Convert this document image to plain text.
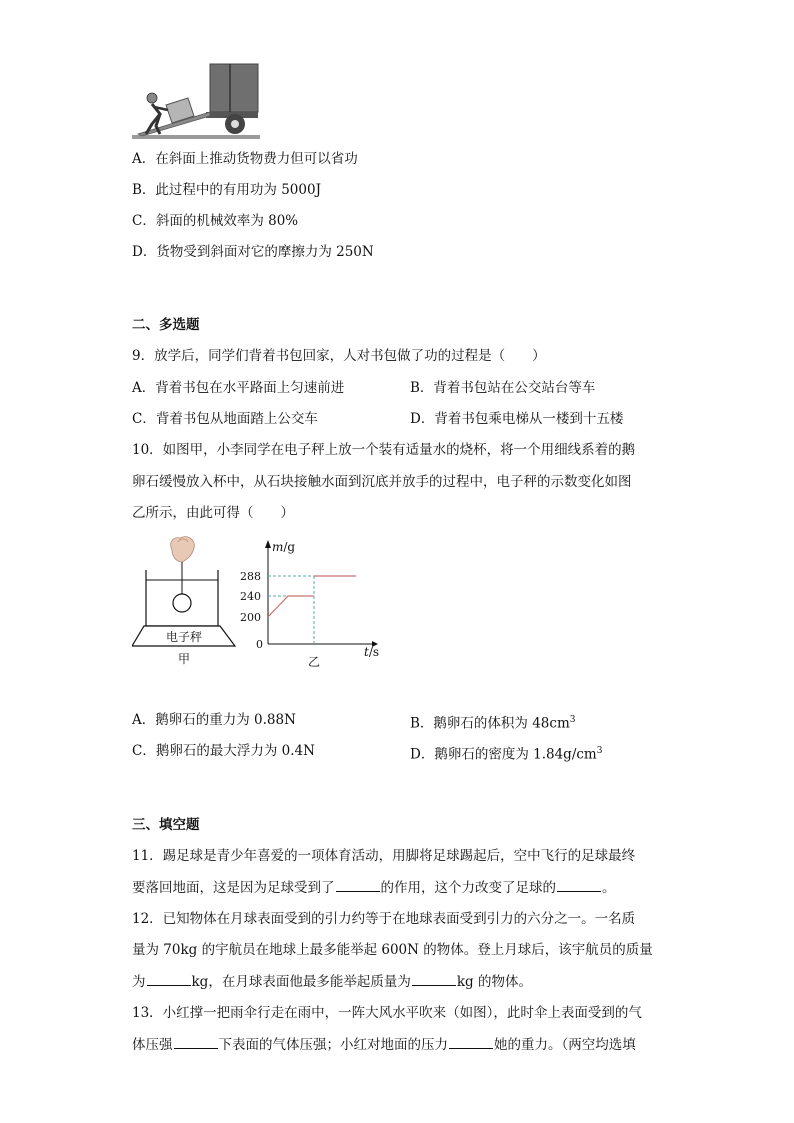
A．在斜面上推动货物费力但可以省功
B．此过程中的有用功为 5000J
C．斜面的机械效率为 80%
D．货物受到斜面对它的摩擦力为 250N
二、多选题
9．放学后，同学们背着书包回家，人对书包做了功的过程是（　　）
A．背着书包在水平路面上匀速前进	B．背着书包站在公交站台等车
C．背着书包从地面踏上公交车	D．背着书包乘电梯从一楼到十五楼
10．如图甲，小李同学在电子秤上放一个装有适量水的烧杯，将一个用细线系着的鹅
卵石缓慢放入杯中，从石块接触水面到沉底并放手的过程中，电子秤的示数变化如图
乙所示，由此可得（　　）
电子秤
甲
m/g
t/s
0
288
240
200
乙
A．鹅卵石的重力为 0.88N	B．鹅卵石的体积为 $48cm^3$
C．鹅卵石的最大浮力为 0.4N	D．鹅卵石的密度为 $1.84g/cm^3$
三、填空题
11．踢足球是青少年喜爱的一项体育活动，用脚将足球踢起后，空中飞行的足球最终
要落回地面，这是因为足球受到了	的作用，这个力改变了足球的	。
12．已知物体在月球表面受到的引力约等于在地球表面受到引力的六分之一。一名质
量为 70kg 的宇航员在地球上最多能举起 600N 的物体。登上月球后，该宇航员的质量
为	kg，在月球表面他最多能举起质量为	kg 的物体。
13．小红撑一把雨伞行走在雨中，一阵大风水平吹来（如图），此时伞上表面受到的气
体压强	下表面的气体压强；小红对地面的压力	她的重力。（两空均选填
